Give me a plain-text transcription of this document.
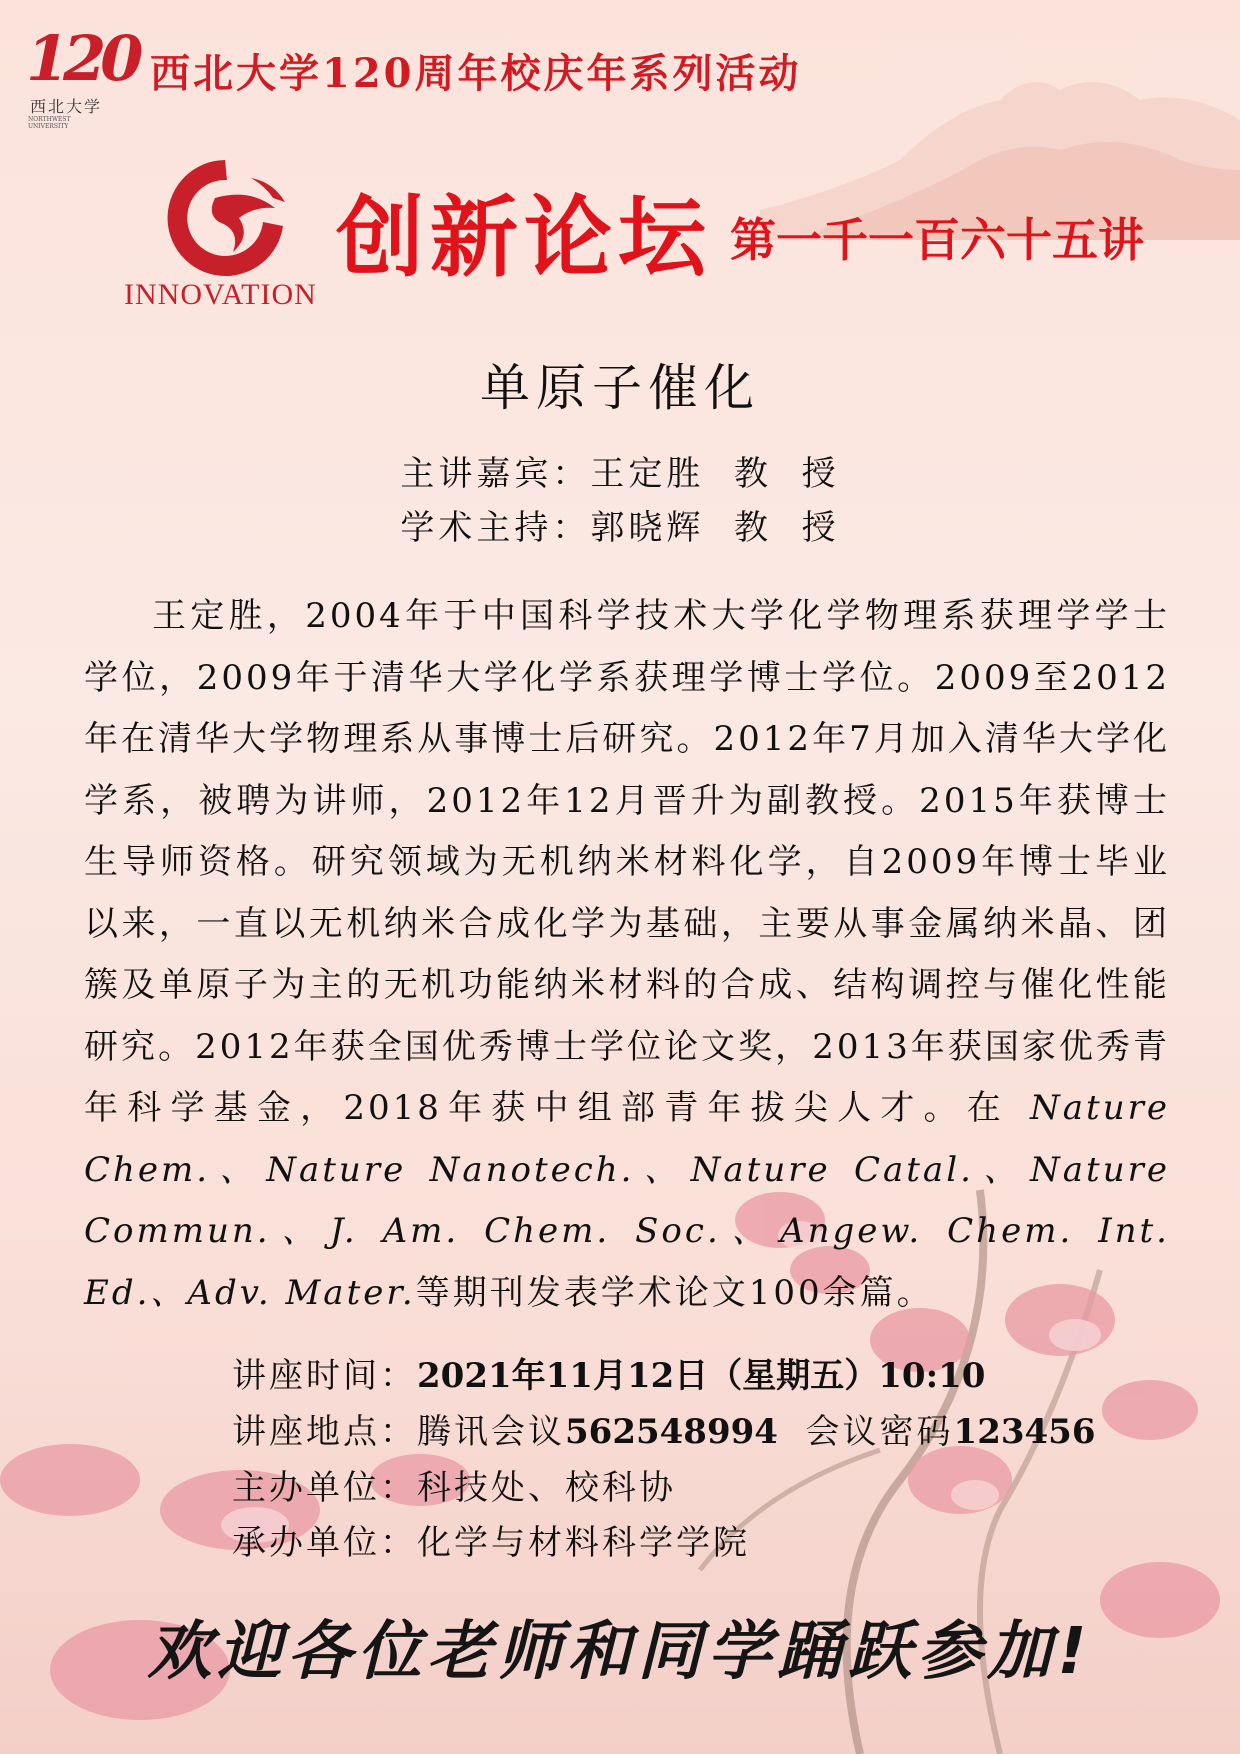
120
西北大学
NORTHWEST UNIVERSITY
西北大学120周年校庆年系列活动
INNOVATION
创新论坛 第一千一百六十五讲
单原子催化
主讲嘉宾：王定胜  教  授
学术主持：郭晓辉  教  授

王定胜，2004年于中国科学技术大学化学物理系获理学学士学位，2009年于清华大学化学系获理学博士学位。2009至2012年在清华大学物理系从事博士后研究。2012年7月加入清华大学化学系，被聘为讲师，2012年12月晋升为副教授。2015年获博士生导师资格。研究领域为无机纳米材料化学，自2009年博士毕业以来，一直以无机纳米合成化学为基础，主要从事金属纳米晶、团簇及单原子为主的无机功能纳米材料的合成、结构调控与催化性能研究。2012年获全国优秀博士学位论文奖，2013年获国家优秀青年科学基金，2018年获中组部青年拔尖人才。在 Nature Chem.、Nature Nanotech.、Nature Catal.、Nature Commun.、J. Am. Chem. Soc.、Angew. Chem. Int. Ed.、Adv. Mater.等期刊发表学术论文100余篇。

讲座时间：2021年11月12日（星期五）10:10
讲座地点：腾讯会议562548994  会议密码123456
主办单位：科技处、校科协
承办单位：化学与材料科学学院
欢迎各位老师和同学踊跃参加!
